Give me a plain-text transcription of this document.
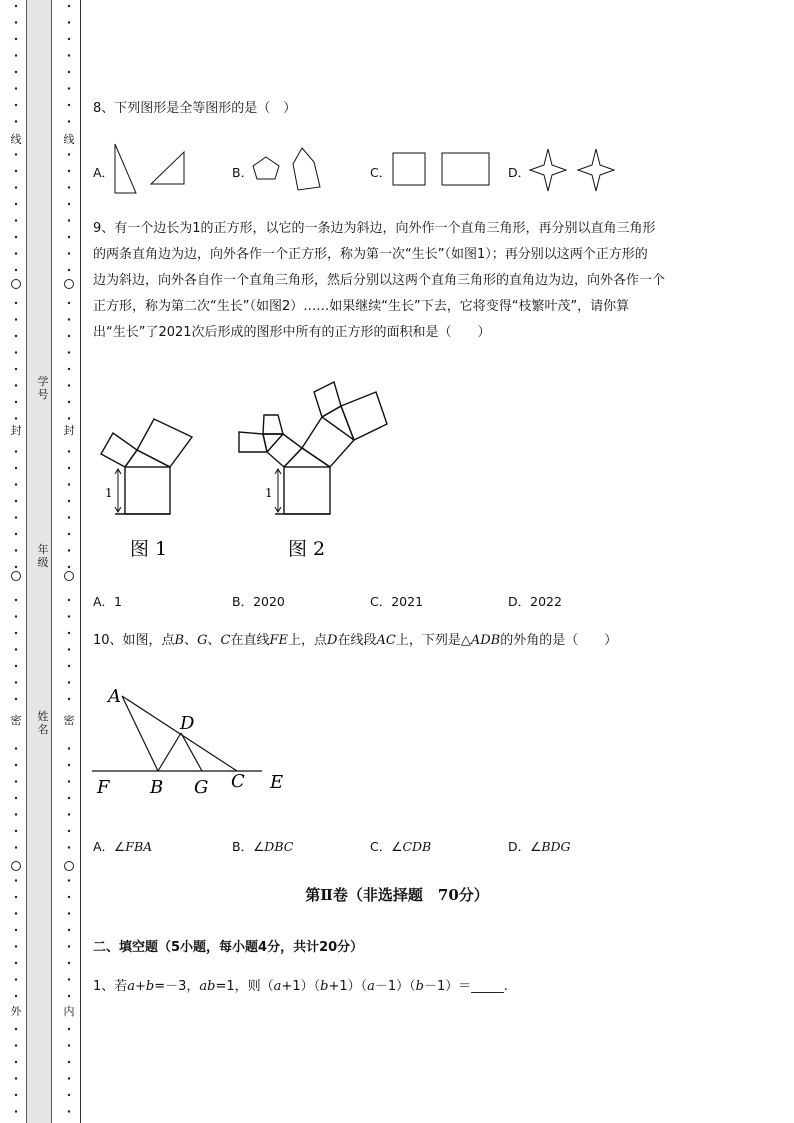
线
封
密
外
线
封
密
内
学号
年级
姓名
8、下列图形是全等图形的是（　）
A．	B．	C．	D．
9、有一个边长为1的正方形，以它的一条边为斜边，向外作一个直角三角形，再分别以直角三角形
的两条直角边为边，向外各作一个正方形，称为第一次“生长”（如图1）；再分别以这两个正方形的
边为斜边，向外各自作一个直角三角形，然后分别以这两个直角三角形的直角边为边，向外各作一个
正方形，称为第二次“生长”（如图2）……如果继续“生长”下去，它将变得“枝繁叶茂”，请你算
出“生长”了2021次后形成的图形中所有的正方形的面积和是（　　）
1
图 1
1
图 2
A．1	B．2020	C．2021	D．2022
10、如图，点B、G、C在直线FE上，点D在线段AC上，下列是△ADB的外角的是（　　）
A
D
F B G C E
A．∠FBA	B．∠DBC	C．∠CDB	D．∠BDG
第Ⅱ卷（非选择题　70分）
二、填空题（5小题，每小题4分，共计20分）
1、若a+b=－3，ab=1，则（a+1）（b+1）（a－1）（b－1）＝_____.
